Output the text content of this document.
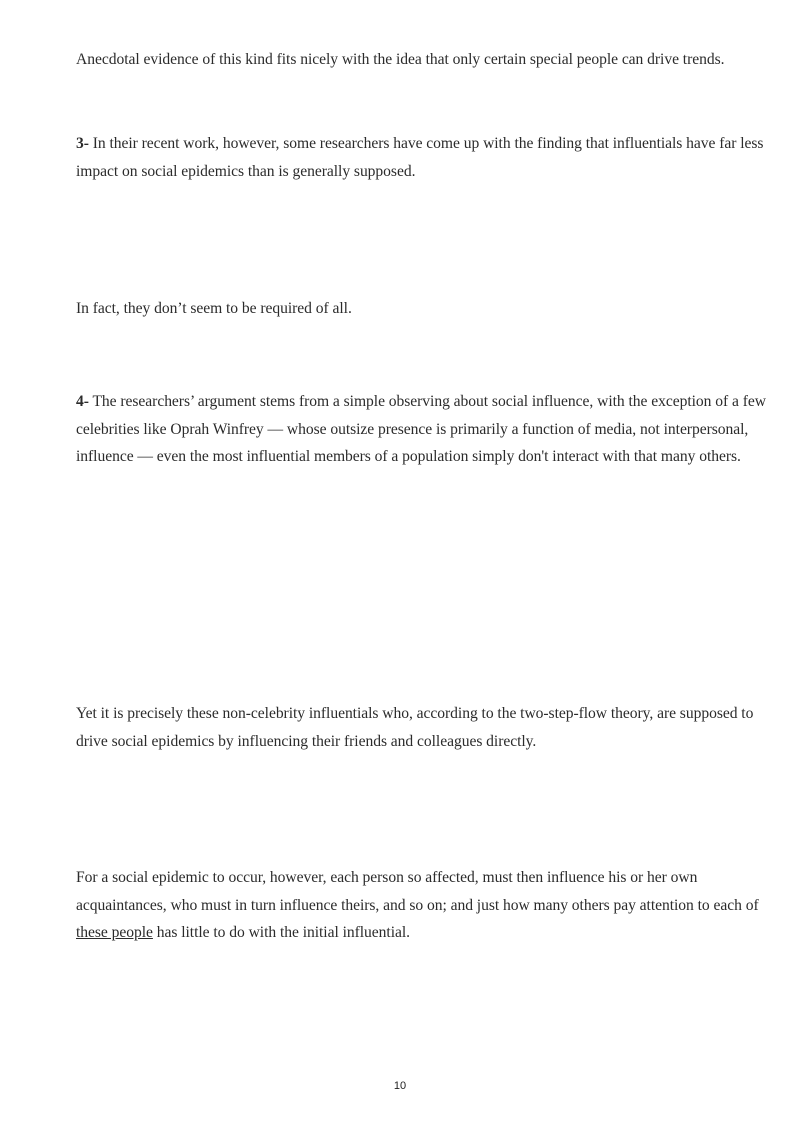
Anecdotal evidence of this kind fits nicely with the idea that only certain special people can drive trends.

3- In their recent work, however, some researchers have come up with the finding that influentials have far less impact on social epidemics than is generally supposed.

In fact, they don’t seem to be required of all.

4- The researchers’ argument stems from a simple observing about social influence, with the exception of a few celebrities like Oprah Winfrey — whose outsize presence is primarily a function of media, not interpersonal, influence — even the most influential members of a population simply don't interact with that many others.

Yet it is precisely these non-celebrity influentials who, according to the two-step-flow theory, are supposed to drive social epidemics by influencing their friends and colleagues directly.

For a social epidemic to occur, however, each person so affected, must then influence his or her own acquaintances, who must in turn influence theirs, and so on; and just how many others pay attention to each of these people has little to do with the initial influential.

10
